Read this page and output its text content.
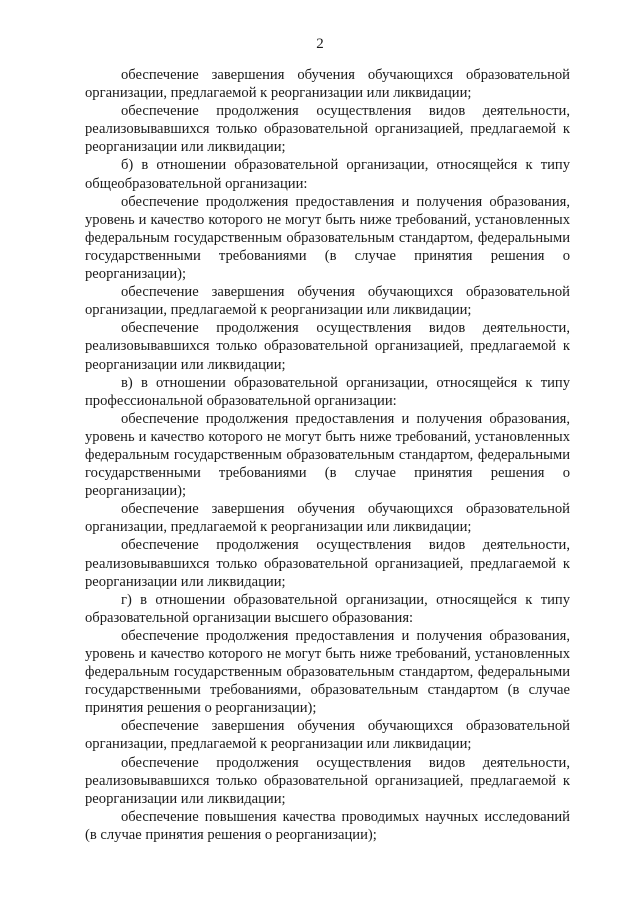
2

обеспечение завершения обучения обучающихся образовательной организации, предлагаемой к реорганизации или ликвидации;

обеспечение продолжения осуществления видов деятельности, реализовывавшихся только образовательной организацией, предлагаемой к реорганизации или ликвидации;

б) в отношении образовательной организации, относящейся к типу общеобразовательной организации:

обеспечение продолжения предоставления и получения образования, уровень и качество которого не могут быть ниже требований, установленных федеральным государственным образовательным стандартом, федеральными государственными требованиями (в случае принятия решения о реорганизации);

обеспечение завершения обучения обучающихся образовательной организации, предлагаемой к реорганизации или ликвидации;

обеспечение продолжения осуществления видов деятельности, реализовывавшихся только образовательной организацией, предлагаемой к реорганизации или ликвидации;

в) в отношении образовательной организации, относящейся к типу профессиональной образовательной организации:

обеспечение продолжения предоставления и получения образования, уровень и качество которого не могут быть ниже требований, установленных федеральным государственным образовательным стандартом, федеральными государственными требованиями (в случае принятия решения о реорганизации);

обеспечение завершения обучения обучающихся образовательной организации, предлагаемой к реорганизации или ликвидации;

обеспечение продолжения осуществления видов деятельности, реализовывавшихся только образовательной организацией, предлагаемой к реорганизации или ликвидации;

г) в отношении образовательной организации, относящейся к типу образовательной организации высшего образования:

обеспечение продолжения предоставления и получения образования, уровень и качество которого не могут быть ниже требований, установленных федеральным государственным образовательным стандартом, федеральными государственными требованиями, образовательным стандартом (в случае принятия решения о реорганизации);

обеспечение завершения обучения обучающихся образовательной организации, предлагаемой к реорганизации или ликвидации;

обеспечение продолжения осуществления видов деятельности, реализовывавшихся только образовательной организацией, предлагаемой к реорганизации или ликвидации;

обеспечение повышения качества проводимых научных исследований (в случае принятия решения о реорганизации);
